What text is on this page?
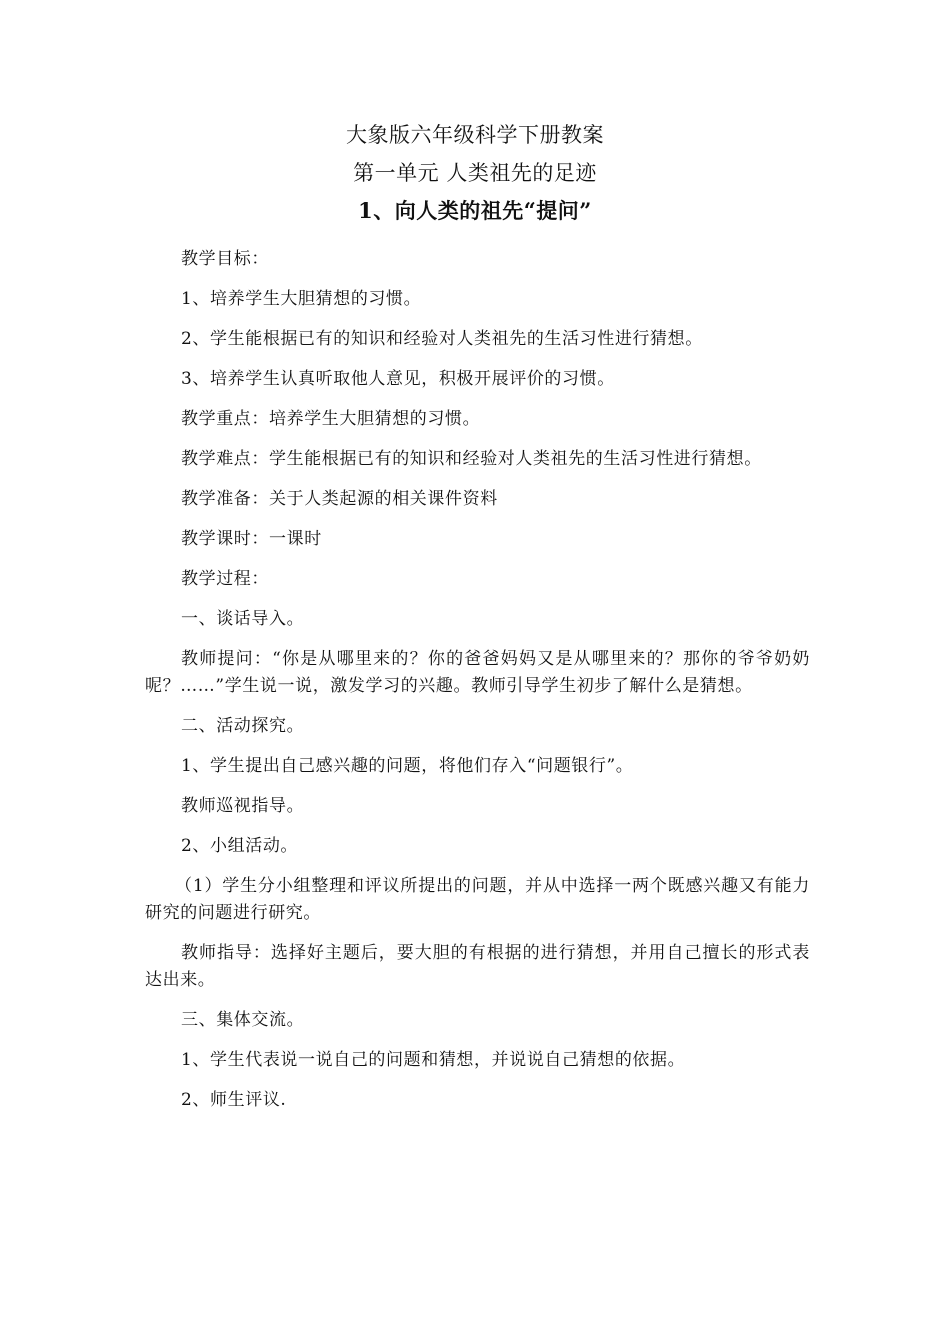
大象版六年级科学下册教案
第一单元 人类祖先的足迹
1、向人类的祖先“提问”

教学目标：

1、培养学生大胆猜想的习惯。

2、学生能根据已有的知识和经验对人类祖先的生活习性进行猜想。

3、培养学生认真听取他人意见，积极开展评价的习惯。

教学重点：培养学生大胆猜想的习惯。

教学难点：学生能根据已有的知识和经验对人类祖先的生活习性进行猜想。

教学准备：关于人类起源的相关课件资料

教学课时：一课时

教学过程：

一、谈话导入。

教师提问：“你是从哪里来的？你的爸爸妈妈又是从哪里来的？那你的爷爷奶奶呢？……”学生说一说，激发学习的兴趣。教师引导学生初步了解什么是猜想。

二、活动探究。

1、学生提出自己感兴趣的问题，将他们存入“问题银行”。

教师巡视指导。

2、小组活动。

（1）学生分小组整理和评议所提出的问题，并从中选择一两个既感兴趣又有能力研究的问题进行研究。

教师指导：选择好主题后，要大胆的有根据的进行猜想，并用自己擅长的形式表达出来。

三、集体交流。

1、学生代表说一说自己的问题和猜想，并说说自己猜想的依据。

2、师生评议.
